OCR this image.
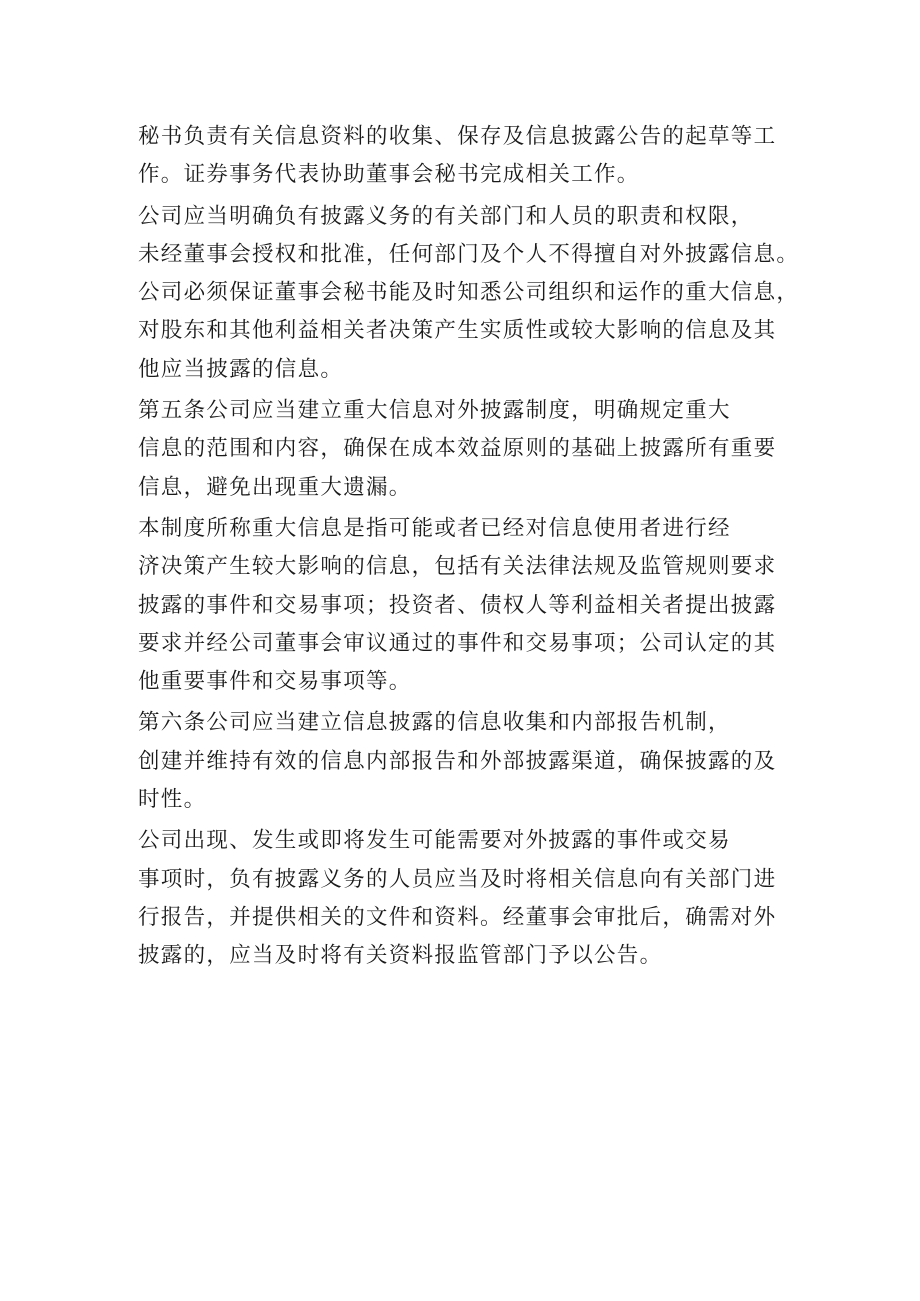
秘书负责有关信息资料的收集、保存及信息披露公告的起草等工
作。证券事务代表协助董事会秘书完成相关工作。

公司应当明确负有披露义务的有关部门和人员的职责和权限，
未经董事会授权和批准，任何部门及个人不得擅自对外披露信息。
公司必须保证董事会秘书能及时知悉公司组织和运作的重大信息，
对股东和其他利益相关者决策产生实质性或较大影响的信息及其
他应当披露的信息。

第五条公司应当建立重大信息对外披露制度，明确规定重大
信息的范围和内容，确保在成本效益原则的基础上披露所有重要
信息，避免出现重大遗漏。

本制度所称重大信息是指可能或者已经对信息使用者进行经
济决策产生较大影响的信息，包括有关法律法规及监管规则要求
披露的事件和交易事项；投资者、债权人等利益相关者提出披露
要求并经公司董事会审议通过的事件和交易事项；公司认定的其
他重要事件和交易事项等。

第六条公司应当建立信息披露的信息收集和内部报告机制，
创建并维持有效的信息内部报告和外部披露渠道，确保披露的及
时性。

公司出现、发生或即将发生可能需要对外披露的事件或交易
事项时，负有披露义务的人员应当及时将相关信息向有关部门进
行报告，并提供相关的文件和资料。经董事会审批后，确需对外
披露的，应当及时将有关资料报监管部门予以公告。
